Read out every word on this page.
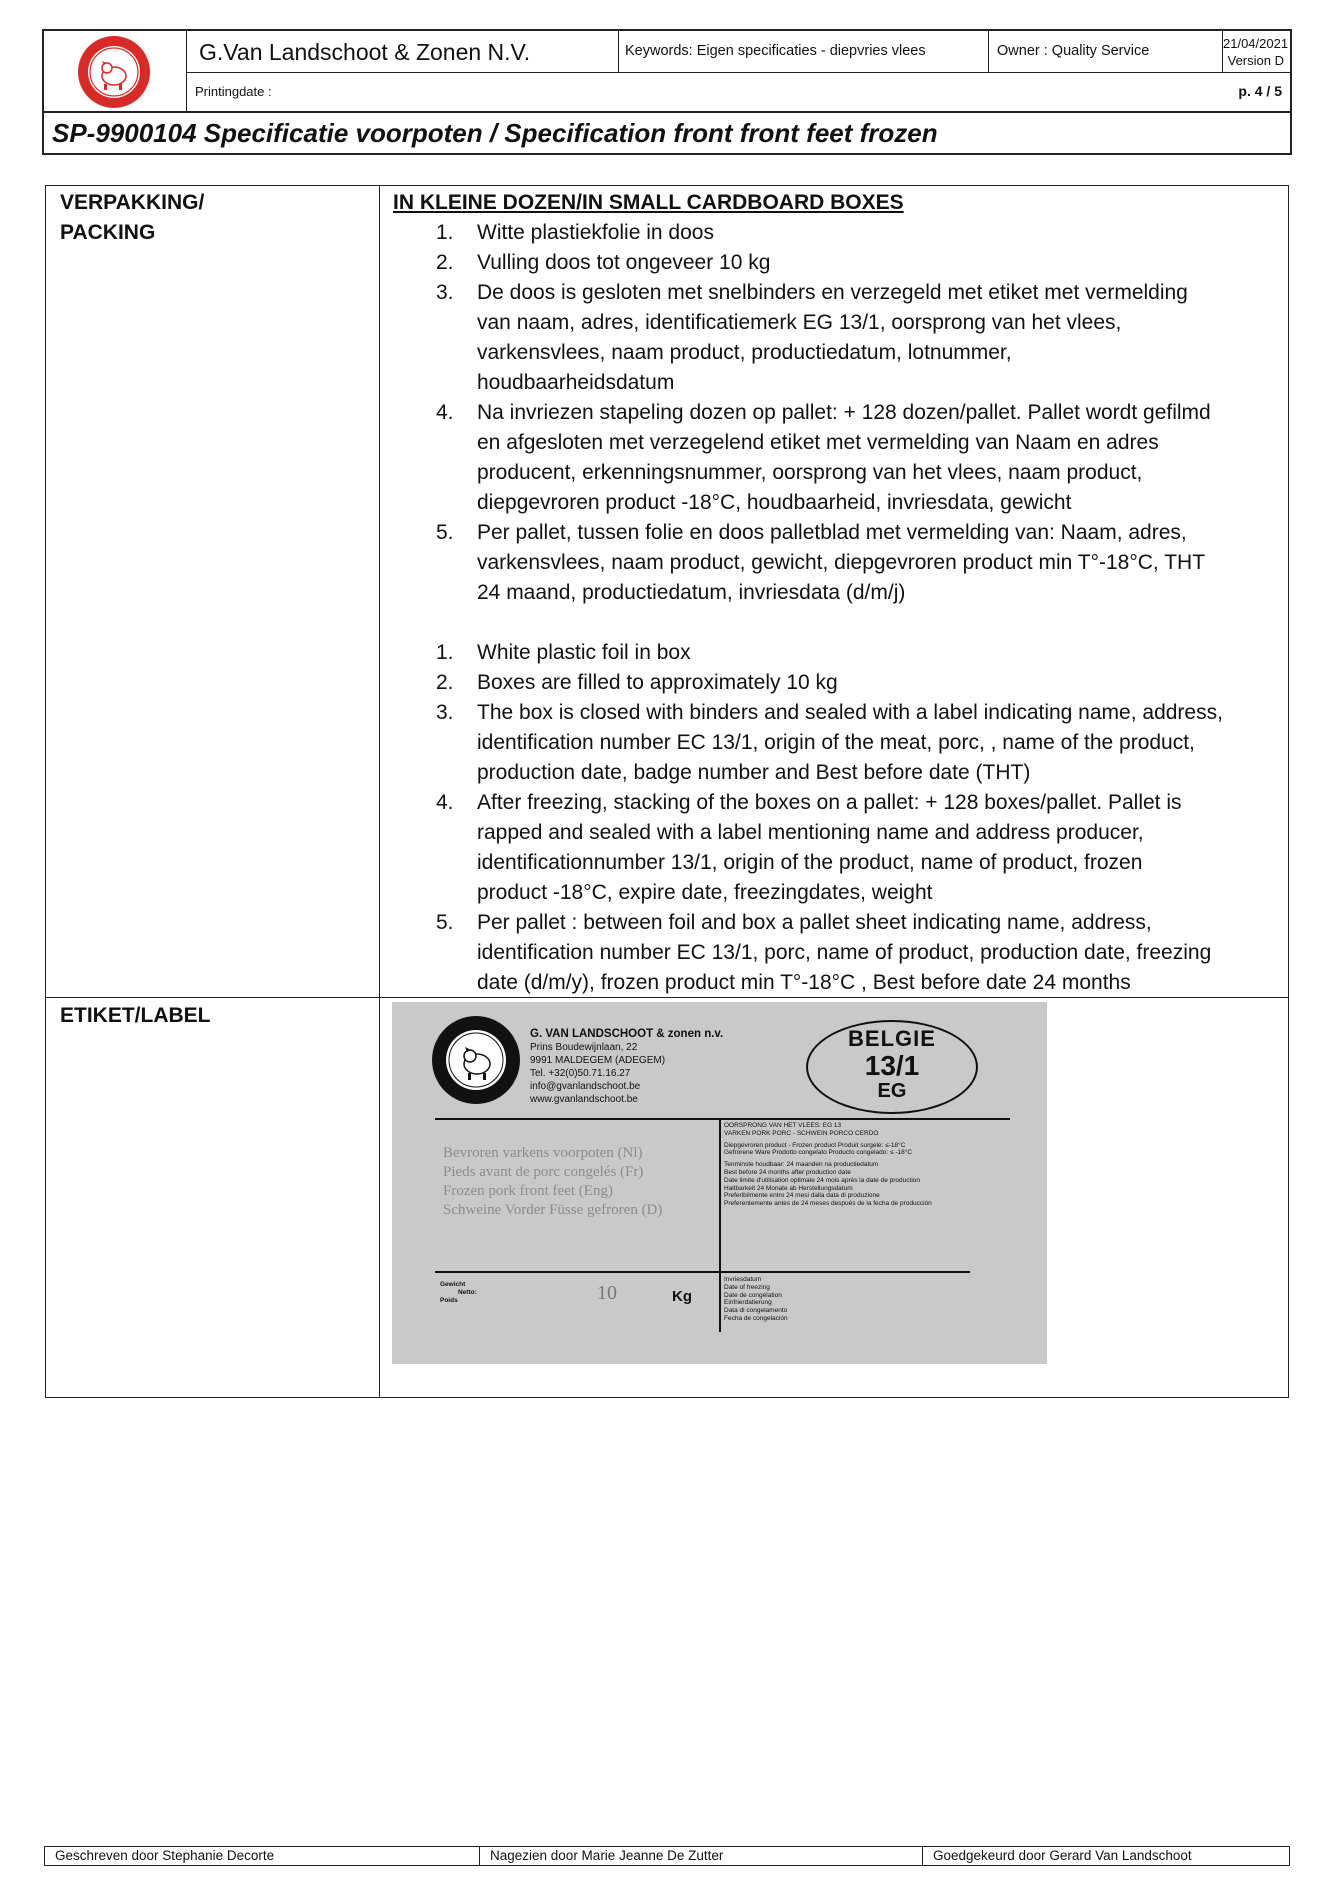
G.Van Landschoot & Zonen N.V.	Keywords: Eigen specificaties - diepvries vlees	Owner : Quality Service	21/04/2021
Version D
Printingdate :	p. 4 / 5
SP-9900104 Specificatie voorpoten / Specification front front feet frozen
VERPAKKING/
PACKING
IN KLEINE DOZEN/IN SMALL CARDBOARD BOXES
1. Witte plastiekfolie in doos
2. Vulling doos tot ongeveer 10 kg
3. De doos is gesloten met snelbinders en verzegeld met etiket met vermelding
van naam, adres, identificatiemerk EG 13/1, oorsprong van het vlees,
varkensvlees, naam product, productiedatum, lotnummer,
houdbaarheidsdatum
4. Na invriezen stapeling dozen op pallet: + 128 dozen/pallet. Pallet wordt gefilmd
en afgesloten met verzegelend etiket met vermelding van Naam en adres
producent, erkenningsnummer, oorsprong van het vlees, naam product,
diepgevroren product -18°C, houdbaarheid, invriesdata, gewicht
5. Per pallet, tussen folie en doos palletblad met vermelding van: Naam, adres,
varkensvlees, naam product, gewicht, diepgevroren product min T°-18°C, THT
24 maand, productiedatum, invriesdata (d/m/j)
1. White plastic foil in box
2. Boxes are filled to approximately 10 kg
3. The box is closed with binders and sealed with a label indicating name, address,
identification number EC 13/1, origin of the meat, porc, , name of the product,
production date, badge number and Best before date (THT)
4. After freezing, stacking of the boxes on a pallet: + 128 boxes/pallet. Pallet is
rapped and sealed with a label mentioning name and address producer,
identificationnumber 13/1, origin of the product, name of product, frozen
product -18°C, expire date, freezingdates, weight
5. Per pallet : between foil and box a pallet sheet indicating name, address,
identification number EC 13/1, porc, name of product, production date, freezing
date (d/m/y), frozen product min T°-18°C , Best before date 24 months
ETIKET/LABEL
G. VAN LANDSCHOOT & zonen n.v.
Prins Boudewijnlaan, 22
9991 MALDEGEM (ADEGEM)
Tel. +32(0)50.71.16.27
info@gvanlandschoot.be
www.gvanlandschoot.be
BELGIE
13/1
EG
Bevroren varkens voorpoten (Nl)
Pieds avant de porc congelés (Fr)
Frozen pork front feet (Eng)
Schweine Vorder Füsse gefroren (D)
OORSPRONG VAN HET VLEES: EG 13
VARKEN PORK PORC - SCHWEIN PORCO CERDO
Diepgevroren product - Frozen product Produit surgelé: ≤-18°C
Gefrorene Ware Prodotto congelato Producto congelado: ≤ -18°C
Tenminste houdbaar: 24 maanden na productiedatum
Best before 24 months after production date
Date limite d'utilisation optimale 24 mois après la date de production
Haltbarkeit 24 Monate ab Herstellungsdatum
Preferibilmente entro 24 mesi dalla data di produzione
Preferentemente antes de 24 meses después de la fecha de producción
Invriesdatum
Date of freezing
Date de congélation
Einfrierdatierung
Data di congelamento
Fecha de congelación
Gewicht
Netto:
Poids	10	Kg
Geschreven door Stephanie Decorte	Nagezien door Marie Jeanne De Zutter	Goedgekeurd door Gerard Van Landschoot
